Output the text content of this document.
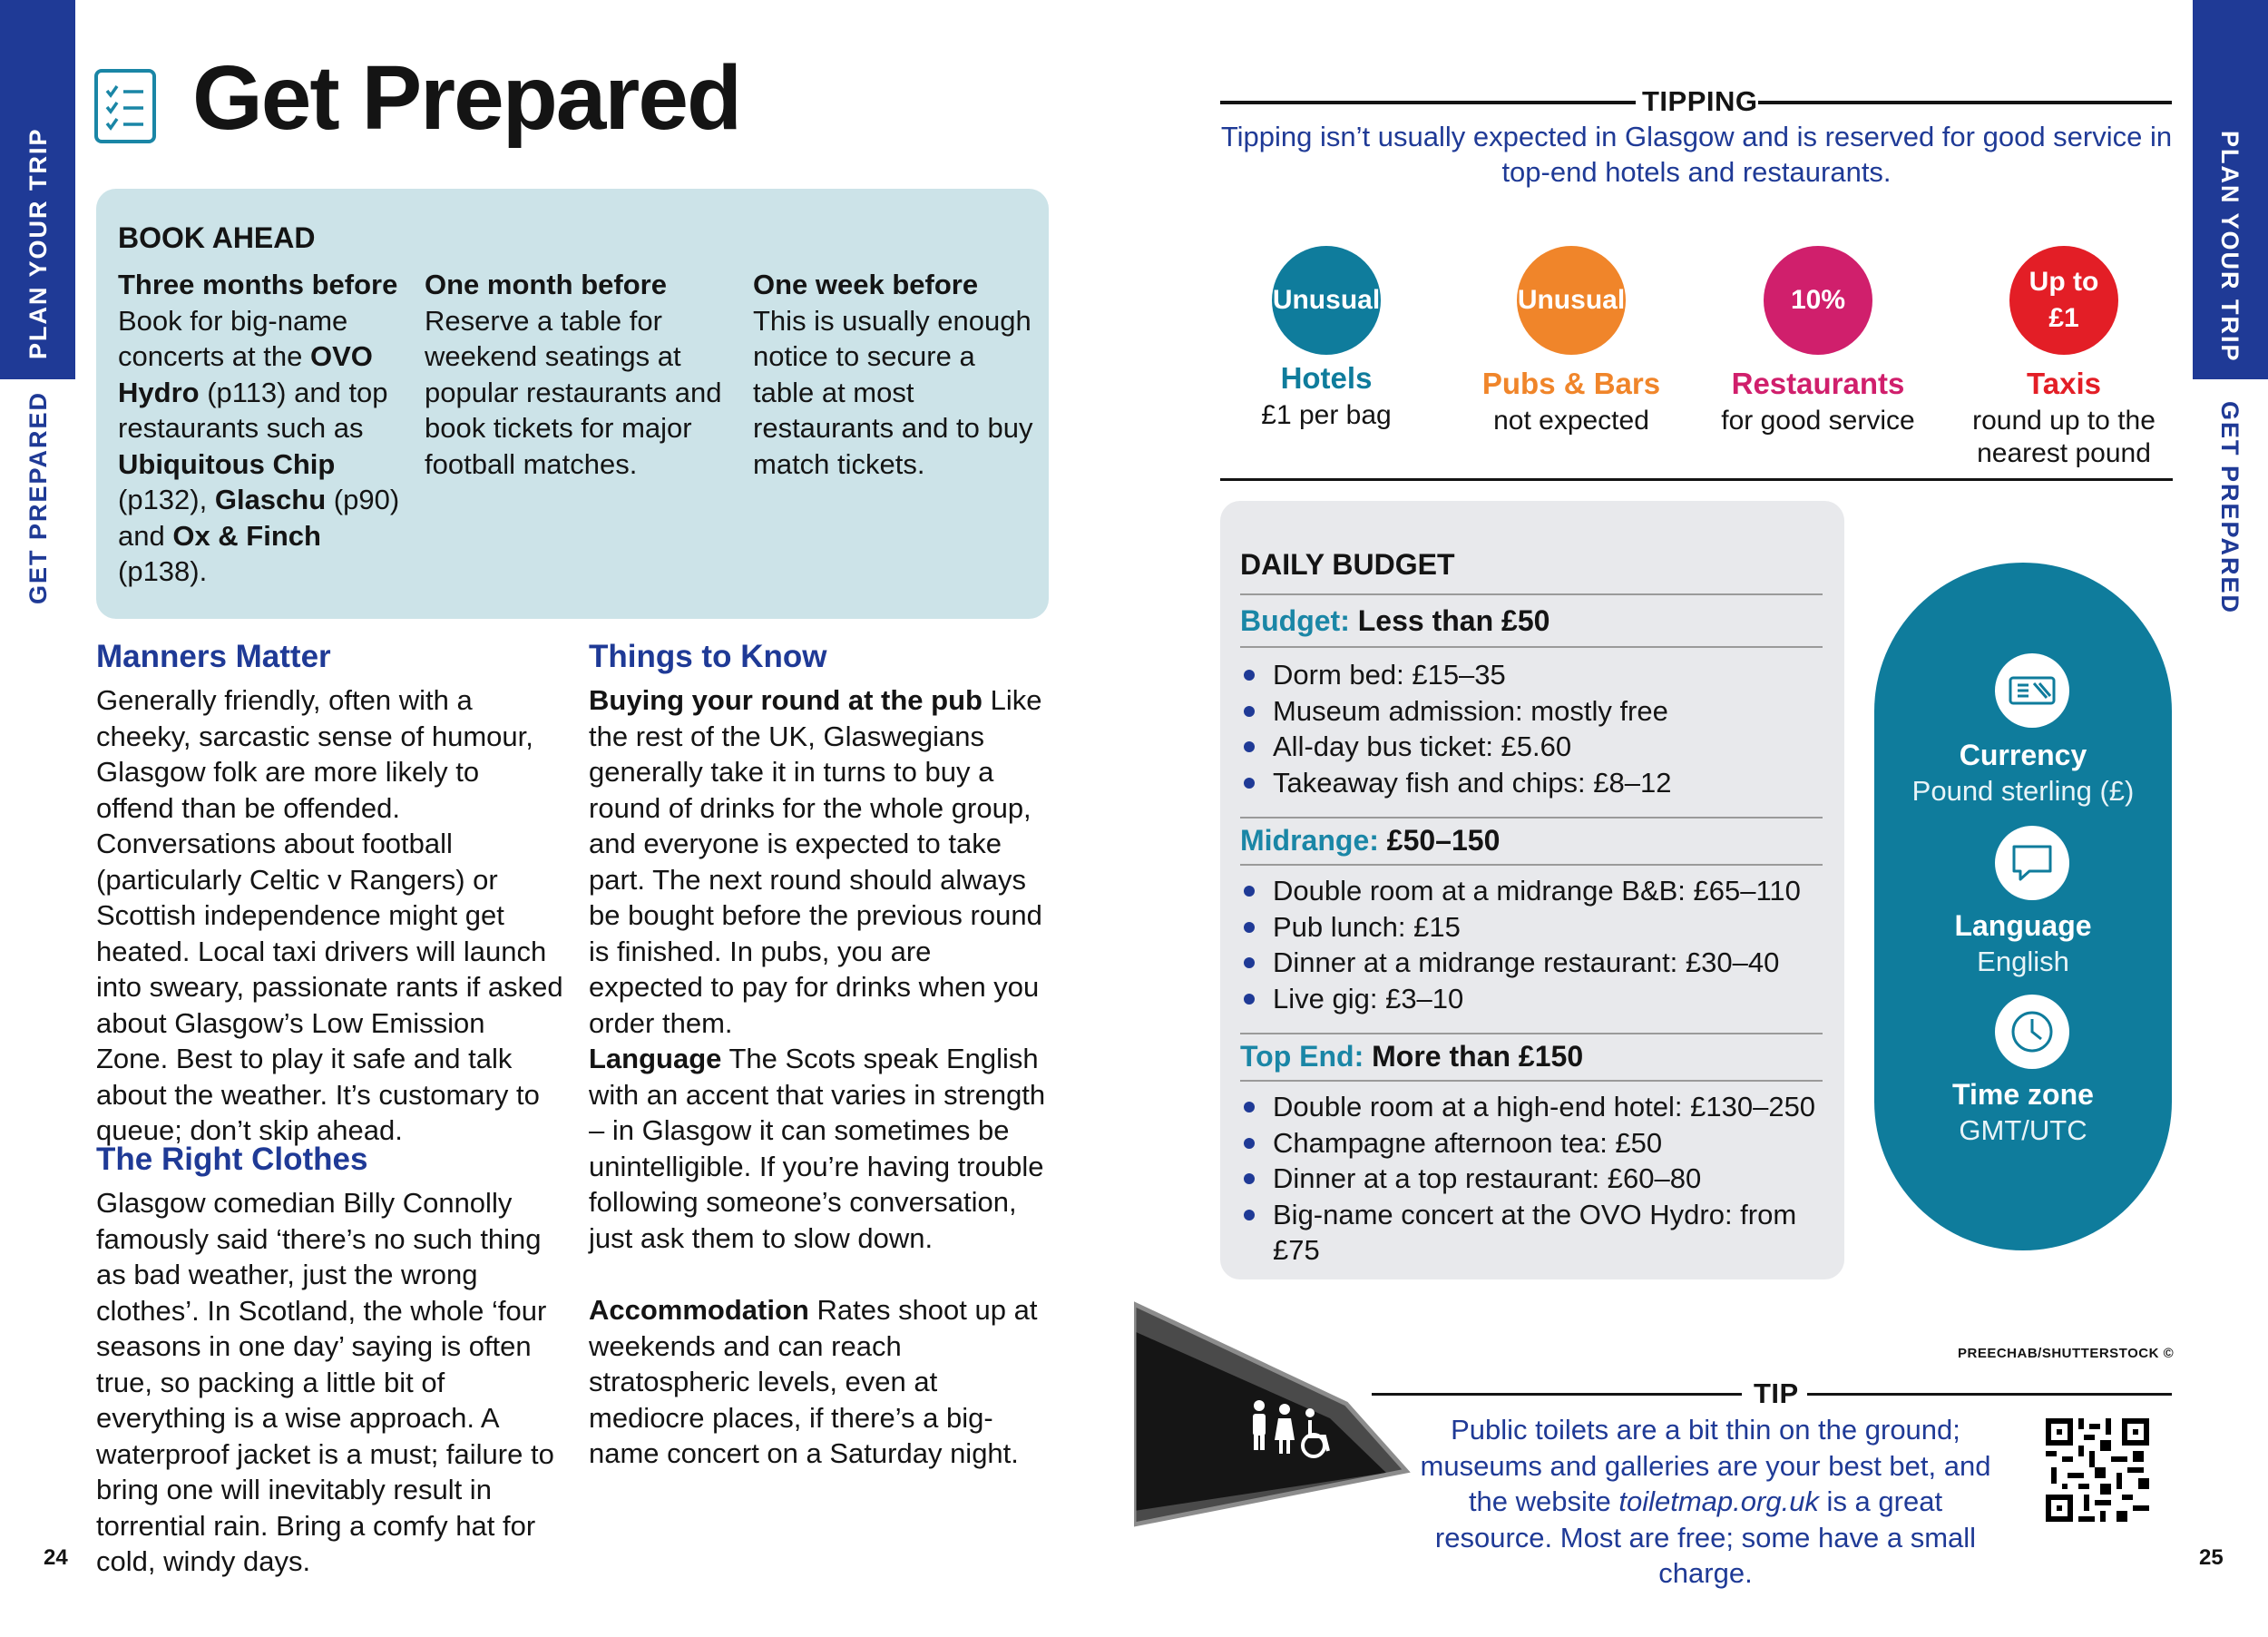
PLAN YOUR TRIP
GET PREPARED
24
PLAN YOUR TRIP
GET PREPARED
25
Get Prepared
BOOK AHEAD
Three months before
Book for big-name concerts at the OVO Hydro (p113) and top restaurants such as Ubiquitous Chip (p132), Glaschu (p90) and Ox & Finch (p138).
One month before
Reserve a table for weekend seatings at popular restaurants and book tickets for major football matches.
One week before
This is usually enough notice to secure a table at most restaurants and to buy match tickets.
Manners Matter
Generally friendly, often with a cheeky, sarcastic sense of humour, Glasgow folk are more likely to offend than be offended. Conversations about football (particularly Celtic v Rangers) or Scottish independence might get heated. Local taxi drivers will launch into sweary, passionate rants if asked about Glasgow’s Low Emission Zone. Best to play it safe and talk about the weather. It’s customary to queue; don’t skip ahead.
The Right Clothes
Glasgow comedian Billy Connolly famously said ‘there’s no such thing as bad weather, just the wrong clothes’. In Scotland, the whole ‘four seasons in one day’ saying is often true, so packing a little bit of everything is a wise approach. A waterproof jacket is a must; failure to bring one will inevitably result in torrential rain. Bring a comfy hat for cold, windy days.
Things to Know
Buying your round at the pub Like the rest of the UK, Glaswegians generally take it in turns to buy a round of drinks for the whole group, and everyone is expected to take part. The next round should always be bought before the previous round is finished. In pubs, you are expected to pay for drinks when you order them.
Language The Scots speak English with an accent that varies in strength – in Glasgow it can sometimes be unintelligible. If you’re having trouble following someone’s conversation, just ask them to slow down.
Accommodation Rates shoot up at weekends and can reach stratospheric levels, even at mediocre places, if there’s a big-name concert on a Saturday night.
TIPPING
Tipping isn’t usually expected in Glasgow and is reserved for good service in top-end hotels and restaurants.
Unusual
Hotels
£1 per bag
Unusual
Pubs & Bars
not expected
10%
Restaurants
for good service
Up to £1
Taxis
round up to the nearest pound
DAILY BUDGET
Budget: Less than £50
Dorm bed: £15–35
Museum admission: mostly free
All-day bus ticket: £5.60
Takeaway fish and chips: £8–12
Midrange: £50–150
Double room at a midrange B&B: £65–110
Pub lunch: £15
Dinner at a midrange restaurant: £30–40
Live gig: £3–10
Top End: More than £150
Double room at a high-end hotel: £130–250
Champagne afternoon tea: £50
Dinner at a top restaurant: £60–80
Big-name concert at the OVO Hydro: from £75
Currency
Pound sterling (£)
Language
English
Time zone
GMT/UTC
PREECHAB/SHUTTERSTOCK ©
TIP
Public toilets are a bit thin on the ground; museums and galleries are your best bet, and the website toiletmap.org.uk is a great resource. Most are free; some have a small charge.
